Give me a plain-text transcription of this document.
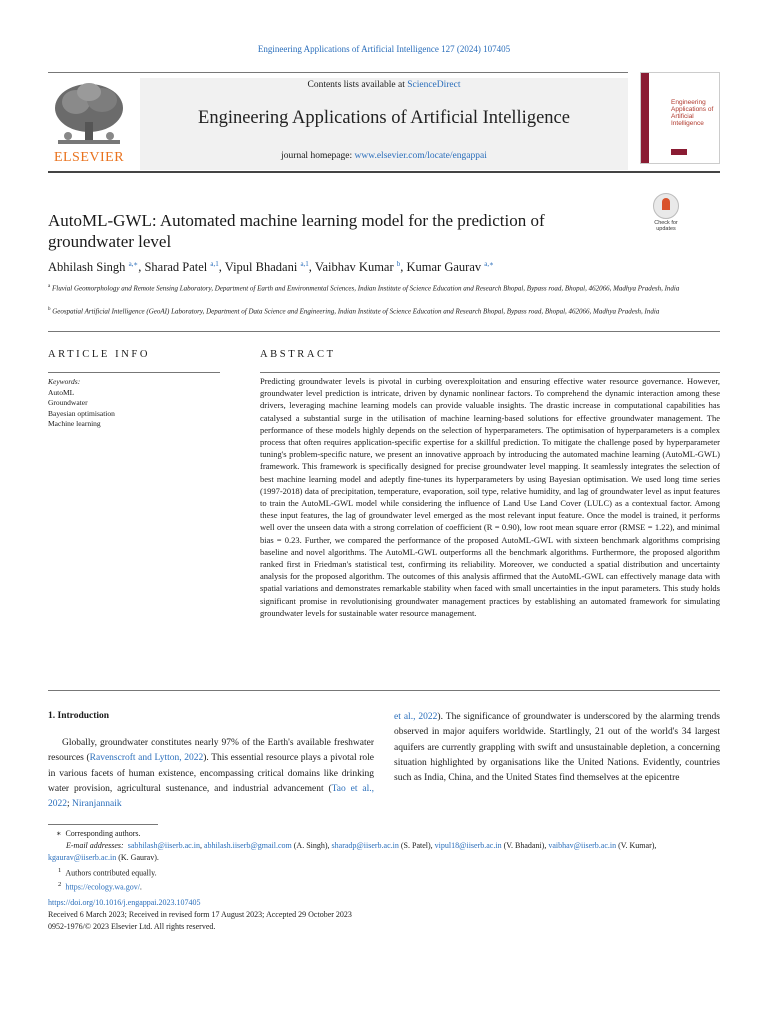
Engineering Applications of Artificial Intelligence 127 (2024) 107405
ELSEVIER
Contents lists available at ScienceDirect
Engineering Applications of Artificial Intelligence
journal homepage: www.elsevier.com/locate/engappai
Engineering Applications of Artificial Intelligence
AutoML-GWL: Automated machine learning model for the prediction of groundwater level
Check for updates
Abhilash Singh $^{a,∗}$, Sharad Patel $^{a,1}$, Vipul Bhadani $^{a,1}$, Vaibhav Kumar $^b$, Kumar Gaurav $^{a,∗}$
$^a$ Fluvial Geomorphology and Remote Sensing Laboratory, Department of Earth and Environmental Sciences, Indian Institute of Science Education and Research Bhopal, Bypass road, Bhopal, 462066, Madhya Pradesh, India
$^b$ Geospatial Artificial Intelligence (GeoAI) Laboratory, Department of Data Science and Engineering, Indian Institute of Science Education and Research Bhopal, Bypass road, Bhopal, 462066, Madhya Pradesh, India
ARTICLE INFO	ABSTRACT
Keywords:
AutoML
Groundwater
Bayesian optimisation
Machine learning
Predicting groundwater levels is pivotal in curbing overexploitation and ensuring effective water resource governance. However, groundwater level prediction is intricate, driven by dynamic nonlinear factors. To comprehend the dynamic interaction among these drivers, leveraging machine learning models can provide valuable insights. The drastic increase in computational capabilities has catalysed a substantial surge in the utilisation of machine learning-based solutions for effective groundwater management. The performance of these models highly depends on the selection of hyperparameters. The optimisation of hyperparameters is a complex process that often requires application-specific expertise for a skillful prediction. To mitigate the challenge posed by hyperparameter tuning's problem-specific nature, we present an innovative approach by introducing the automated machine learning (AutoML-GWL) framework. This framework is specifically designed for precise groundwater level mapping. It seamlessly integrates the selection of best machine learning model and adeptly fine-tunes its hyperparameters by using Bayesian optimisation. We used long time series (1997-2018) data of precipitation, temperature, evaporation, soil type, relative humidity, and lag of groundwater level as input features to train the AutoML-GWL model while considering the influence of Land Use Land Cover (LULC) as a contextual factor. Among these input features, the lag of groundwater level emerged as the most relevant input feature. Once the model is trained, it performs well over the unseen data with a strong correlation of coefficient (R = 0.90), low root mean square error (RMSE = 1.22), and minimal bias = 0.23. Further, we compared the performance of the proposed AutoML-GWL with sixteen benchmark algorithms comprising baseline and novel algorithms. The AutoML-GWL outperforms all the benchmark algorithms. Furthermore, the proposed algorithm ranked first in Friedman's statistical test, confirming its reliability. Moreover, we conducted a spatial distribution and uncertainty analysis for the proposed algorithm. The outcomes of this analysis affirmed that the AutoML-GWL can effectively manage data with spatial variations and demonstrates remarkable stability when faced with small uncertainties in the input parameters. This study holds significant promise in revolutionising groundwater management practices by establishing an automated framework for simulating groundwater levels for sustainable water resource management.
1. Introduction
Globally, groundwater constitutes nearly 97% of the Earth's available freshwater resources (Ravenscroft and Lytton, 2022). This essential resource plays a pivotal role in various facets of human existence, encompassing critical domains like drinking water provision, agricultural sustenance, and industrial advancement (Tao et al., 2022; Niranjannaik
et al., 2022). The significance of groundwater is underscored by the alarming trends observed in major aquifers worldwide. Startlingly, 21 out of the world's 34 largest aquifers are currently grappling with swift and unsustainable depletion, a concerning situation highlighted by organisations like the United Nations. Evidently, countries such as India, China, and the United States find themselves at the epicentre
∗  Corresponding authors.
E-mail addresses: sabhilash@iiserb.ac.in, abhilash.iiserb@gmail.com (A. Singh), sharadp@iiserb.ac.in (S. Patel), vipul18@iiserb.ac.in (V. Bhadani), vaibhav@iiserb.ac.in (V. Kumar), kgaurav@iiserb.ac.in (K. Gaurav).
$^1$ Authors contributed equally.
$^2$ https://ecology.wa.gov/.
https://doi.org/10.1016/j.engappai.2023.107405
Received 6 March 2023; Received in revised form 17 August 2023; Accepted 29 October 2023
0952-1976/© 2023 Elsevier Ltd. All rights reserved.
